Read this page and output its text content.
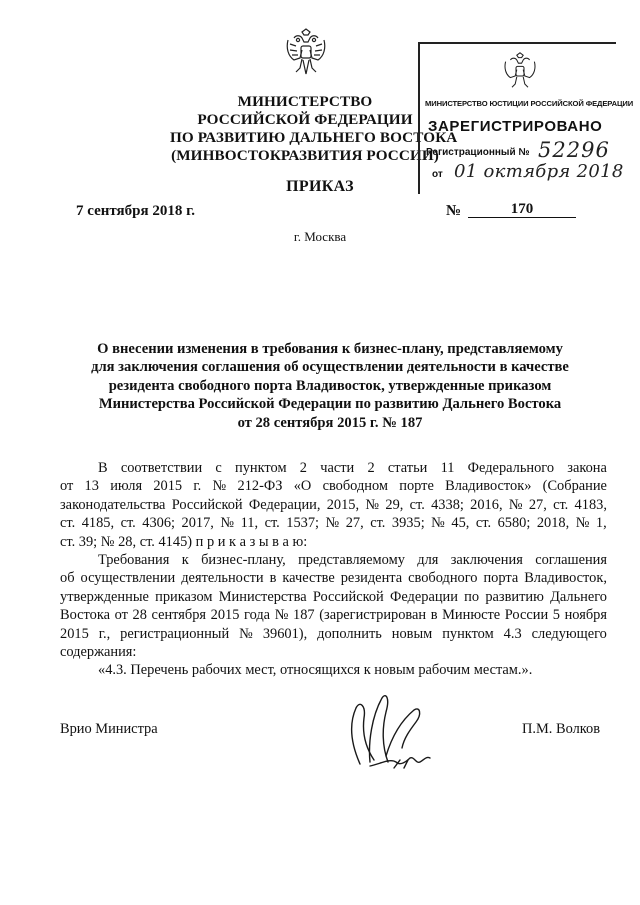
МИНИСТЕРСТВО
РОССИЙСКОЙ ФЕДЕРАЦИИ
ПО РАЗВИТИЮ ДАЛЬНЕГО ВОСТОКА
(МИНВОСТОКРАЗВИТИЯ РОССИИ)
МИНИСТЕРСТВО ЮСТИЦИИ РОССИЙСКОЙ ФЕДЕРАЦИИ
ЗАРЕГИСТРИРОВАНО
Регистрационный № 52296
от 01 октября 2018
ПРИКАЗ
7 сентября 2018 г.	№	170
г. Москва
О внесении изменения в требования к бизнес-плану, представляемому
для заключения соглашения об осуществлении деятельности в качестве
резидента свободного порта Владивосток, утвержденные приказом
Министерства Российской Федерации по развитию Дальнего Востока
от 28 сентября 2015 г. № 187
В соответствии с пунктом 2 части 2 статьи 11 Федерального закона
от 13 июля 2015 г. № 212-ФЗ «О свободном порте Владивосток» (Собрание
законодательства Российской Федерации, 2015, № 29, ст. 4338; 2016, № 27, ст. 4183,
ст. 4185, ст. 4306; 2017, № 11, ст. 1537; № 27, ст. 3935; № 45, ст. 6580; 2018, № 1,
ст. 39; № 28, ст. 4145) п р и к а з ы в а ю:
Требования к бизнес-плану, представляемому для заключения соглашения
об осуществлении деятельности в качестве резидента свободного порта Владивосток,
утвержденные приказом Министерства Российской Федерации по развитию Дальнего
Востока от 28 сентября 2015 года № 187 (зарегистрирован в Минюсте России 5 ноября
2015 г., регистрационный № 39601), дополнить новым пунктом 4.3 следующего
содержания:
«4.3. Перечень рабочих мест, относящихся к новым рабочим местам.».
Врио Министра	П.М. Волков
